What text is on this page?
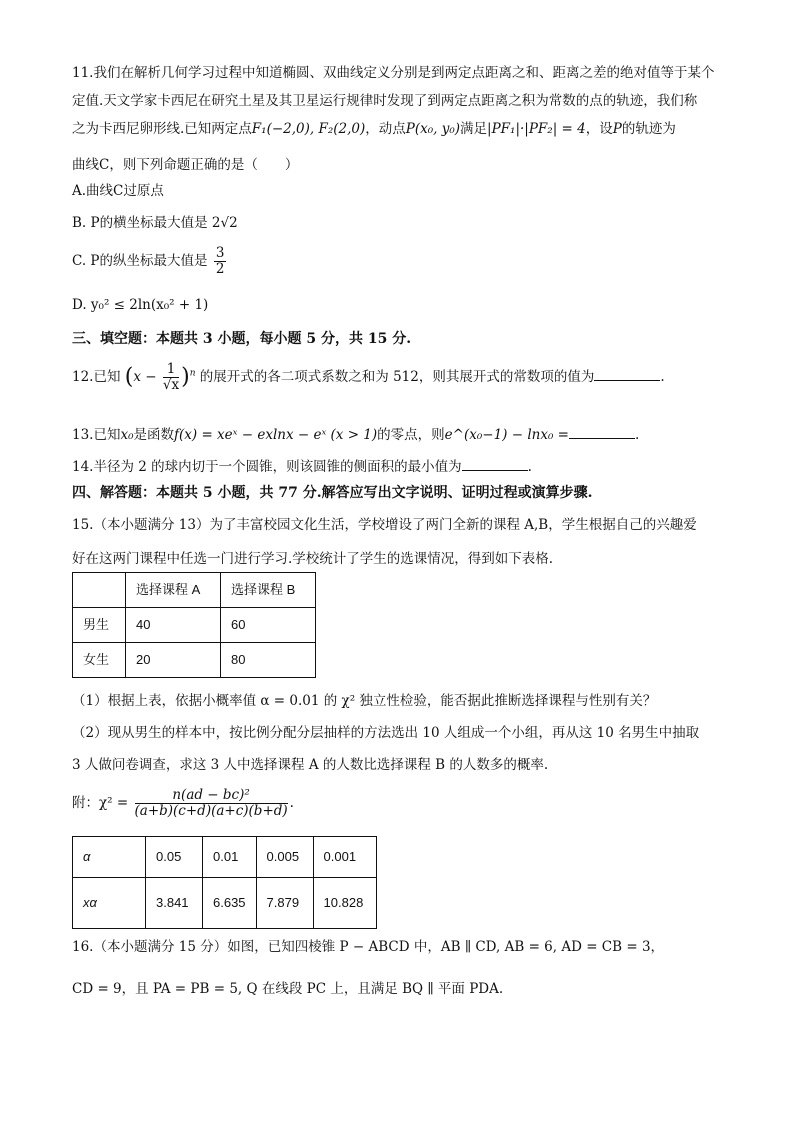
11.我们在解析几何学习过程中知道椭圆、双曲线定义分别是到两定点距离之和、距离之差的绝对值等于某个
定值.天文学家卡西尼在研究土星及其卫星运行规律时发现了到两定点距离之积为常数的点的轨迹，我们称
之为卡西尼卵形线.已知两定点F₁(−2,0), F₂(2,0)，动点P(x₀, y₀)满足|PF₁|·|PF₂| = 4，设P的轨迹为
曲线C，则下列命题正确的是（　　）
A.曲线C过原点
B. P的横坐标最大值是 2√2
C. P的纵坐标最大值是 $\frac{3}{2}$
D. y₀² ≤ 2ln(x₀² + 1)
三、填空题：本题共 3 小题，每小题 5 分，共 15 分.
12.已知 $(x - \frac{1}{√x} )^n$ 的展开式的各二项式系数之和为 512，则其展开式的常数项的值为	.
13.已知x₀是函数f(x) = xeˣ − exlnx − eˣ (x > 1)的零点，则e^(x₀−1) − lnx₀ =	.
14.半径为 2 的球内切于一个圆锥，则该圆锥的侧面积的最小值为	.
四、解答题：本题共 5 小题，共 77 分.解答应写出文字说明、证明过程或演算步骤.
15.（本小题满分 13）为了丰富校园文化生活，学校增设了两门全新的课程 A,B，学生根据自己的兴趣爱
好在这两门课程中任选一门进行学习.学校统计了学生的选课情况，得到如下表格.
	选择课程 A	选择课程 B
男生	40	60
女生	20	80
（1）根据上表，依据小概率值 α = 0.01 的 χ² 独立性检验，能否据此推断选择课程与性别有关？
（2）现从男生的样本中，按比例分配分层抽样的方法选出 10 人组成一个小组，再从这 10 名男生中抽取
3 人做问卷调查，求这 3 人中选择课程 A 的人数比选择课程 B 的人数多的概率.
附：$\chi^2 = \frac{\text{n(ad − bc)²}}{(a+b)(c+d)(a+c)(b+d)}$ .
α	0.05	0.01	0.005	0.001
xα	3.841	6.635	7.879	10.828
16.（本小题满分 15 分）如图，已知四棱锥 P − ABCD 中，AB ∥ CD, AB = 6, AD = CB = 3，
CD = 9，且 PA = PB = 5, Q 在线段 PC 上，且满足 BQ ∥ 平面 PDA.
